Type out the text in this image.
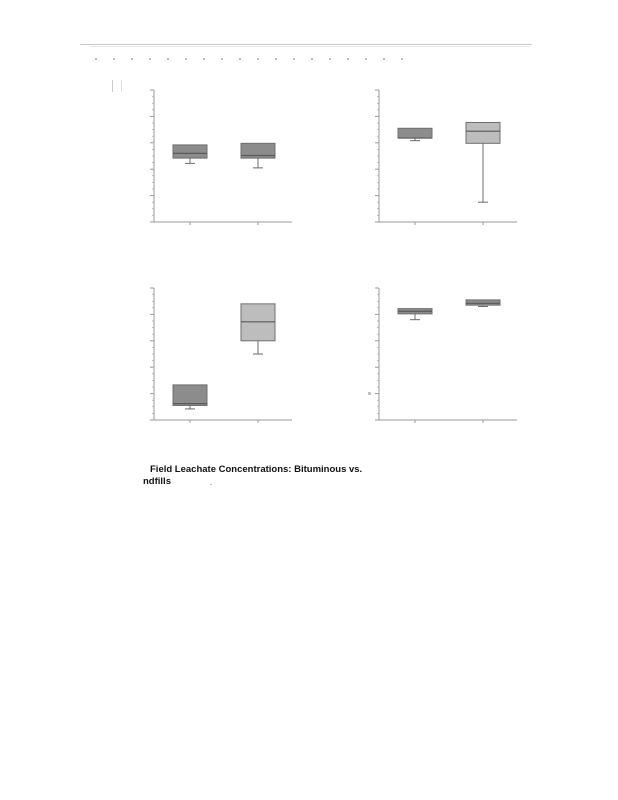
Field Leachate Concentrations: Bituminous vs.
ndfills
